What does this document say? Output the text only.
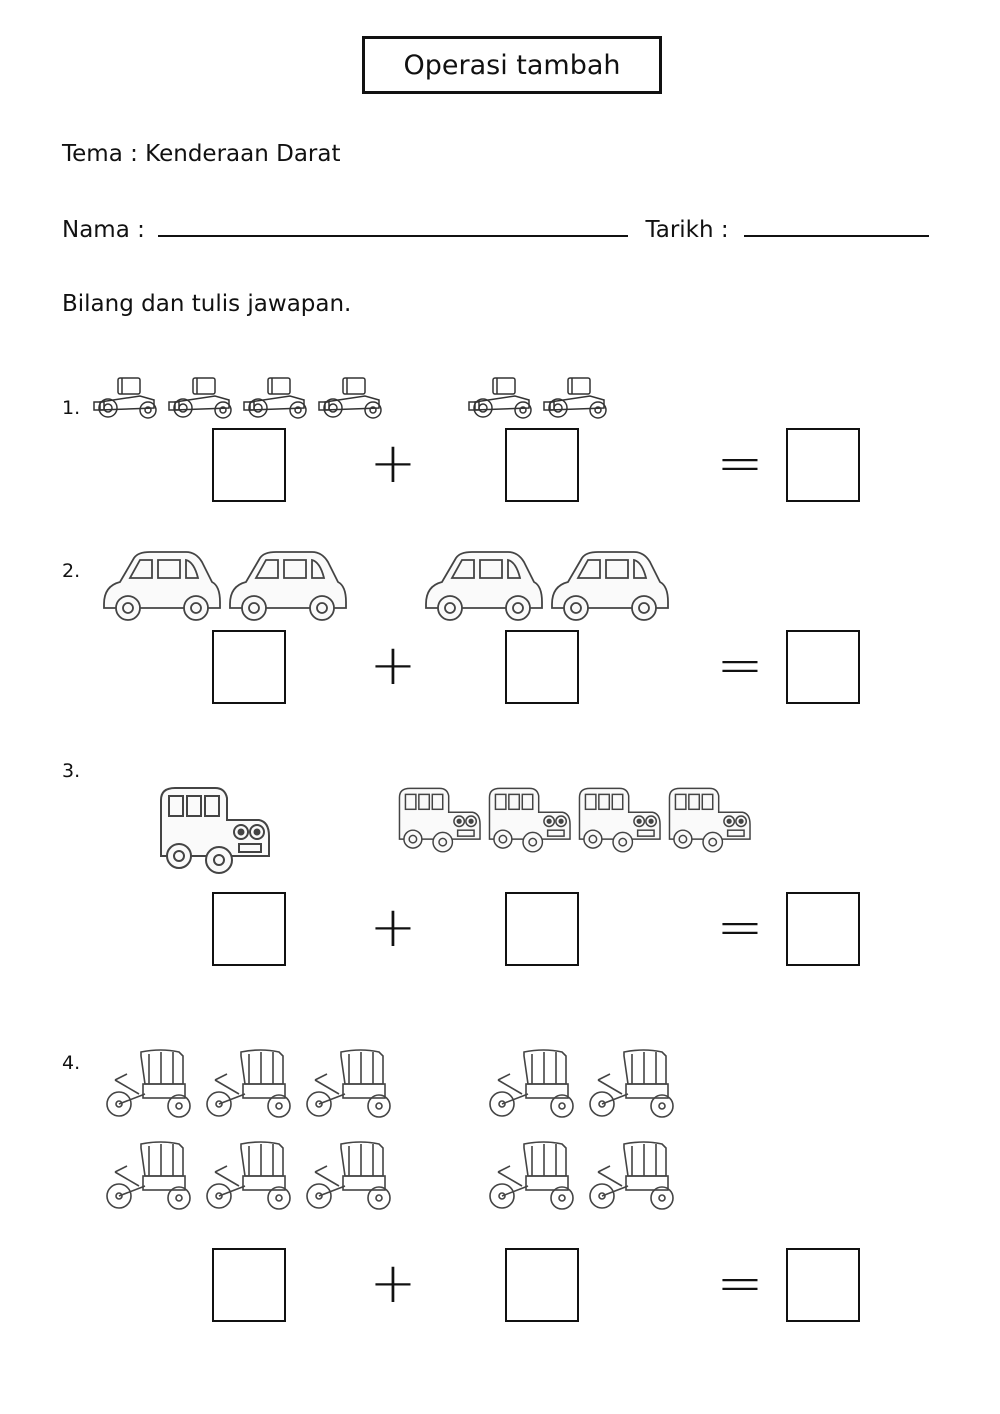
Operasi tambah
Tema : Kenderaan Darat
Nama :	Tarikh :
Bilang dan tulis jawapan.
1.
+	=
2.
+	=
3.
+	=
4.
+	=
